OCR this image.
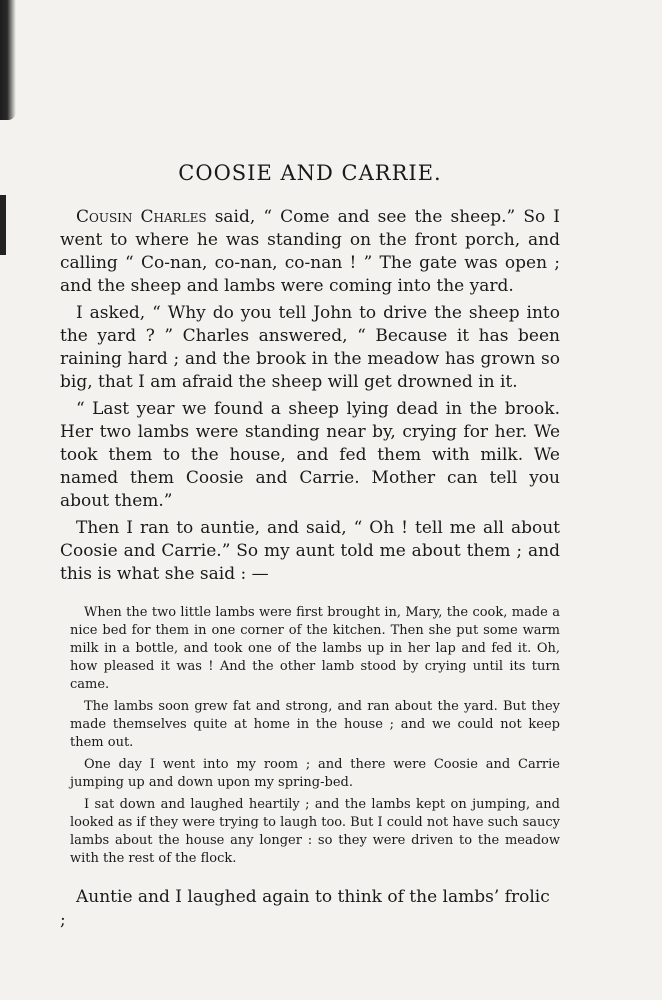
COOSIE AND CARRIE.

Cousin Charles said, “ Come and see the sheep.” So I went to where he was standing on the front porch, and calling “ Co-nan, co-nan, co-nan ! ” The gate was open ; and the sheep and lambs were coming into the yard.

I asked, “ Why do you tell John to drive the sheep into the yard ? ” Charles answered, “ Because it has been raining hard ; and the brook in the meadow has grown so big, that I am afraid the sheep will get drowned in it.

“ Last year we found a sheep lying dead in the brook. Her two lambs were standing near by, crying for her. We took them to the house, and fed them with milk. We named them Coosie and Carrie. Mother can tell you about them.”

Then I ran to auntie, and said, “ Oh ! tell me all about Coosie and Carrie.” So my aunt told me about them ; and this is what she said : —

When the two little lambs were first brought in, Mary, the cook, made a nice bed for them in one corner of the kitchen. Then she put some warm milk in a bottle, and took one of the lambs up in her lap and fed it. Oh, how pleased it was ! And the other lamb stood by crying until its turn came.

The lambs soon grew fat and strong, and ran about the yard. But they made themselves quite at home in the house ; and we could not keep them out.

One day I went into my room ; and there were Coosie and Carrie jumping up and down upon my spring-bed.

I sat down and laughed heartily ; and the lambs kept on jumping, and looked as if they were trying to laugh too. But I could not have such saucy lambs about the house any longer : so they were driven to the meadow with the rest of the flock.

Auntie and I laughed again to think of the lambs’ frolic ;
